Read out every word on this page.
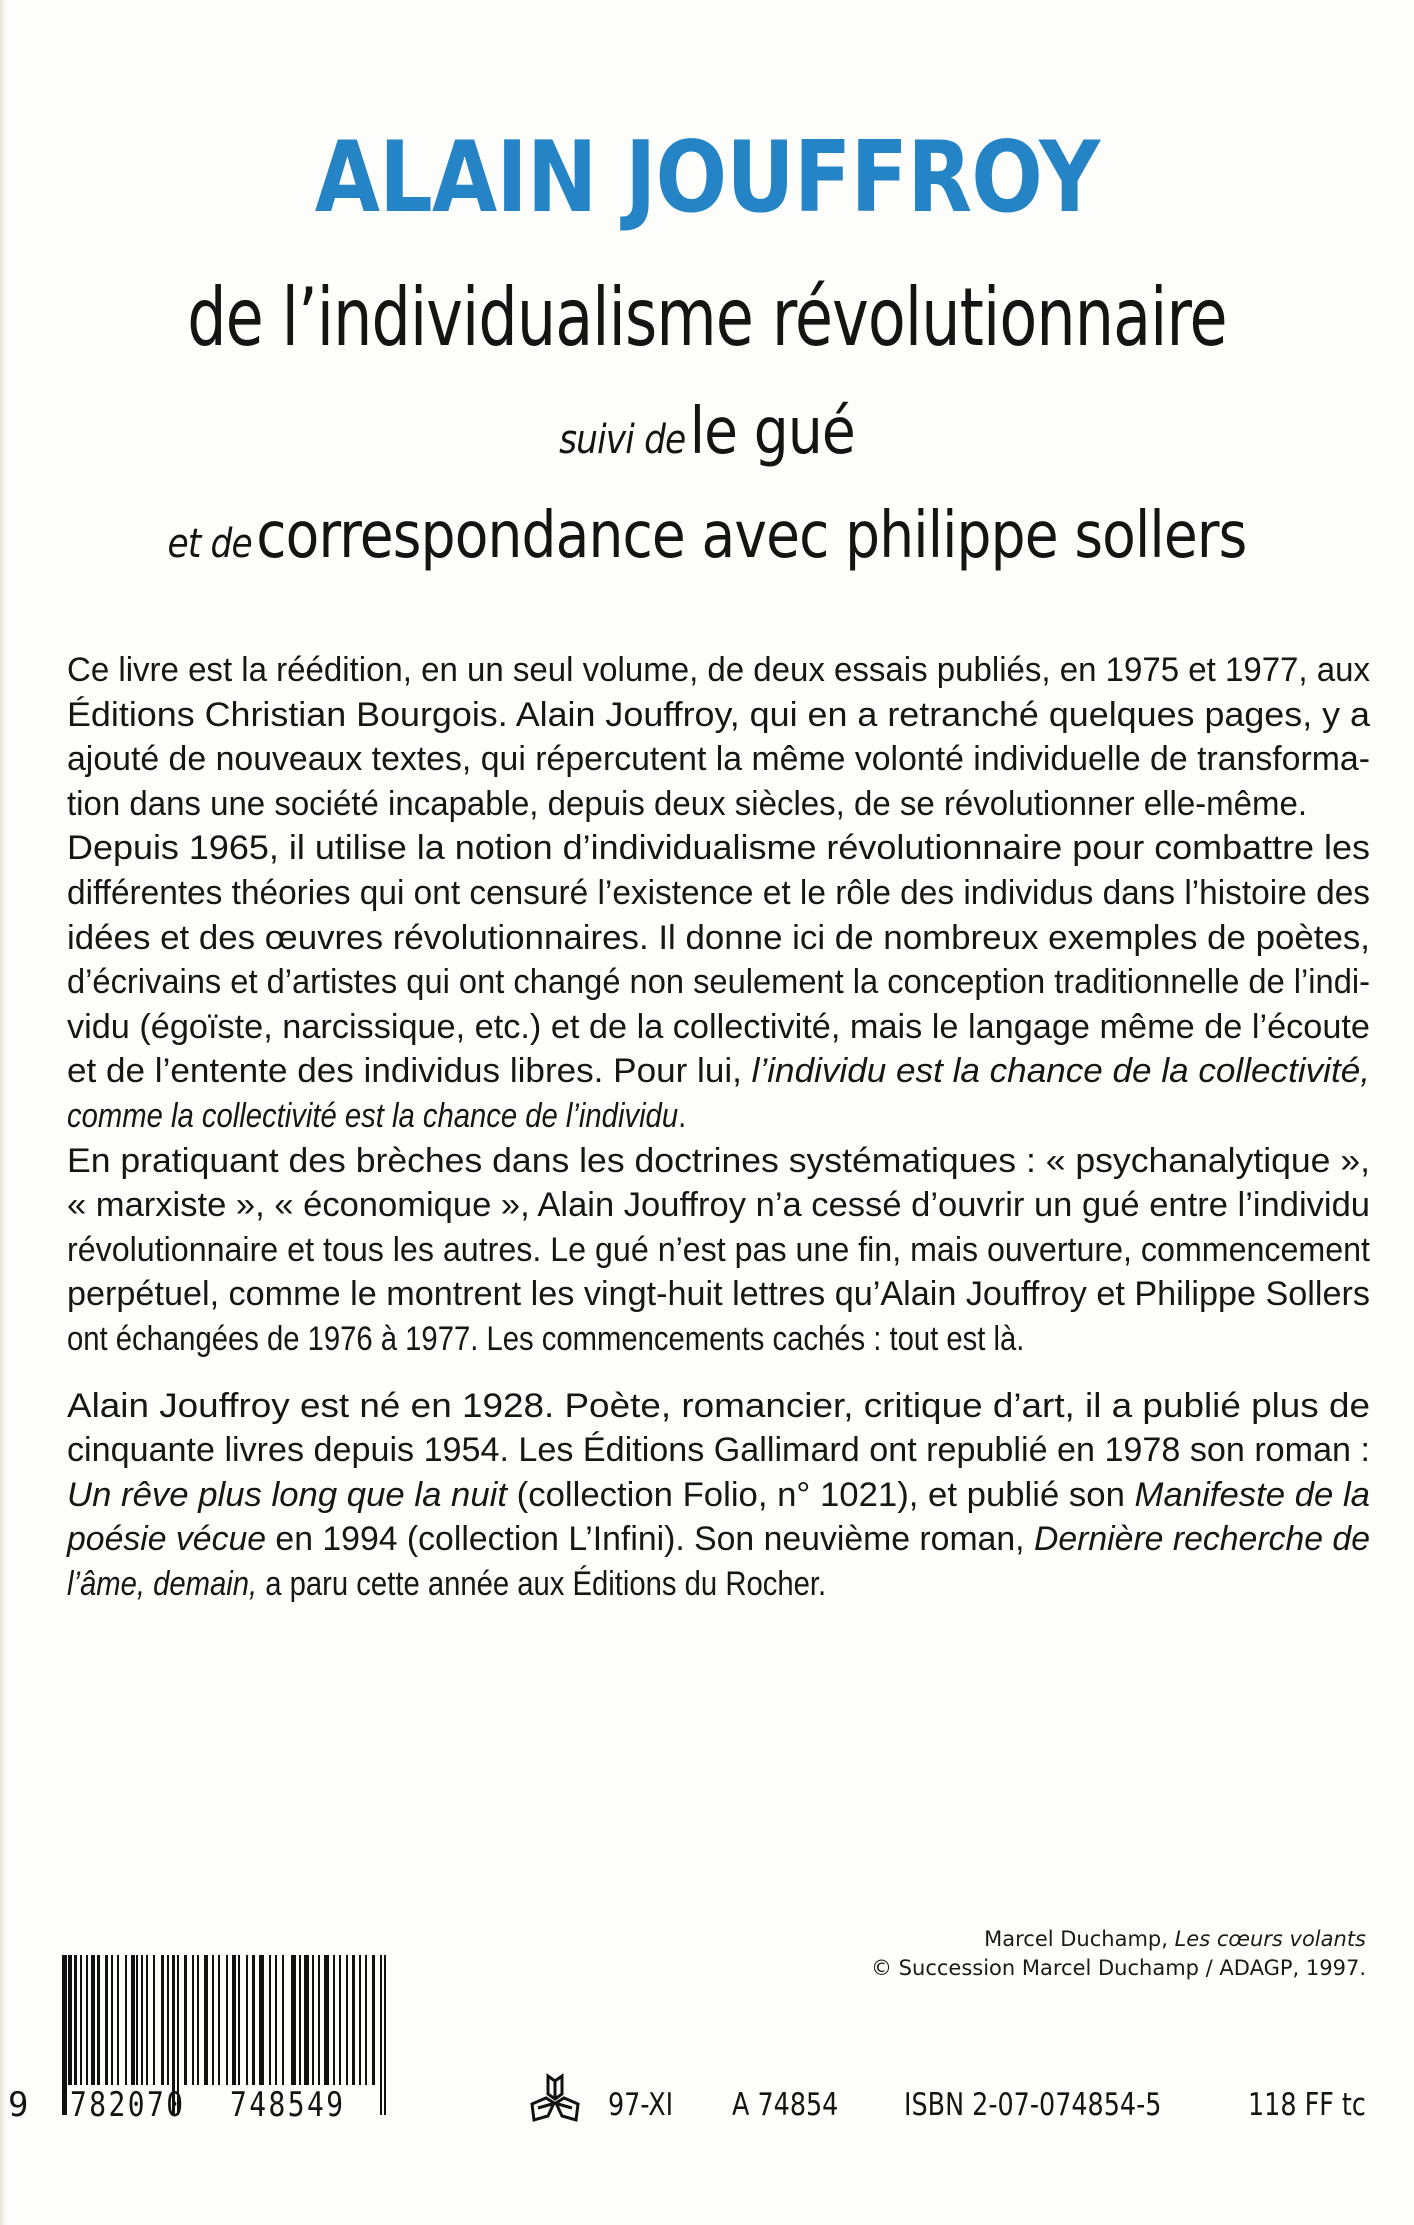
ALAIN JOUFFROY
de l’individualisme révolutionnaire
suivi de le gué
et de correspondance avec philippe sollers
Ce livre est la réédition, en un seul volume, de deux essais publiés, en 1975 et 1977, aux
Éditions Christian Bourgois. Alain Jouffroy, qui en a retranché quelques pages, y a
ajouté de nouveaux textes, qui répercutent la même volonté individuelle de transforma-
tion dans une société incapable, depuis deux siècles, de se révolutionner elle-même.
Depuis 1965, il utilise la notion d’individualisme révolutionnaire pour combattre les
différentes théories qui ont censuré l’existence et le rôle des individus dans l’histoire des
idées et des œuvres révolutionnaires. Il donne ici de nombreux exemples de poètes,
d’écrivains et d’artistes qui ont changé non seulement la conception traditionnelle de l’indi-
vidu (égoïste, narcissique, etc.) et de la collectivité, mais le langage même de l’écoute
et de l’entente des individus libres. Pour lui, l’individu est la chance de la collectivité,
comme la collectivité est la chance de l’individu.
En pratiquant des brèches dans les doctrines systématiques : « psychanalytique »,
« marxiste », « économique », Alain Jouffroy n’a cessé d’ouvrir un gué entre l’individu
révolutionnaire et tous les autres. Le gué n’est pas une fin, mais ouverture, commencement
perpétuel, comme le montrent les vingt-huit lettres qu’Alain Jouffroy et Philippe Sollers
ont échangées de 1976 à 1977. Les commencements cachés : tout est là.
Alain Jouffroy est né en 1928. Poète, romancier, critique d’art, il a publié plus de
cinquante livres depuis 1954. Les Éditions Gallimard ont republié en 1978 son roman :
Un rêve plus long que la nuit (collection Folio, n° 1021), et publié son Manifeste de la
poésie vécue en 1994 (collection L’Infini). Son neuvième roman, Dernière recherche de
l’âme, demain, a paru cette année aux Éditions du Rocher.
Marcel Duchamp, Les cœurs volants
© Succession Marcel Duchamp / ADAGP, 1997.
9 782070 748549	97-XI A 74854 ISBN 2-07-074854-5	118 FF tc
